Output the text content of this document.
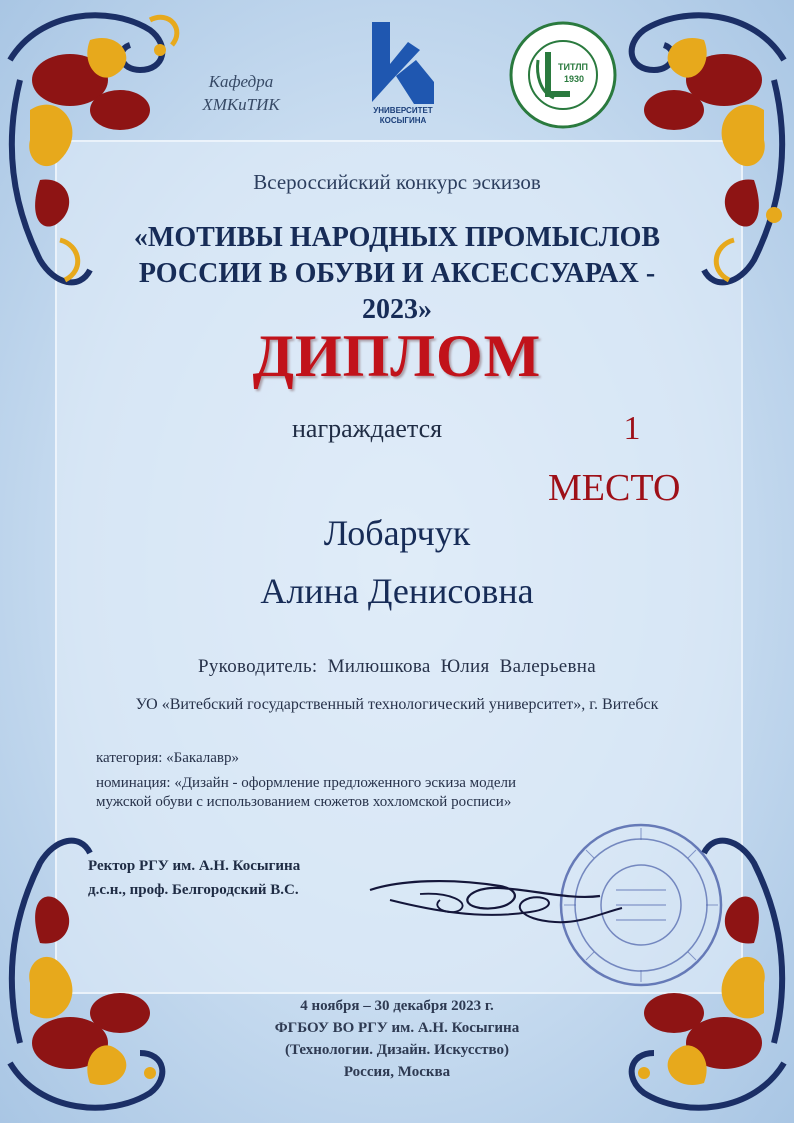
Кафедра ХМКиТИК	УНИВЕРСИТЕТ КОСЫГИНА
ТИТЛП
1930
Всероссийский конкурс эскизов
«МОТИВЫ НАРОДНЫХ ПРОМЫСЛОВ РОССИИ В ОБУВИ И АКСЕССУАРАХ - 2023»
ДИПЛОМ
награждается	1
МЕСТО
Лобарчук
Алина Денисовна
Руководитель:  Милюшкова  Юлия  Валерьевна
УО «Витебский государственный технологический университет», г. Витебск
категория: «Бакалавр»
номинация: «Дизайн - оформление предложенного эскиза модели
мужской обуви с использованием сюжетов хохломской росписи»
Ректор РГУ им. А.Н. Косыгина
д.с.н., проф. Белгородский В.С.
4 ноября – 30 декабря 2023 г.
ФГБОУ ВО РГУ им. А.Н. Косыгина
(Технологии. Дизайн. Искусство)
Россия, Москва
